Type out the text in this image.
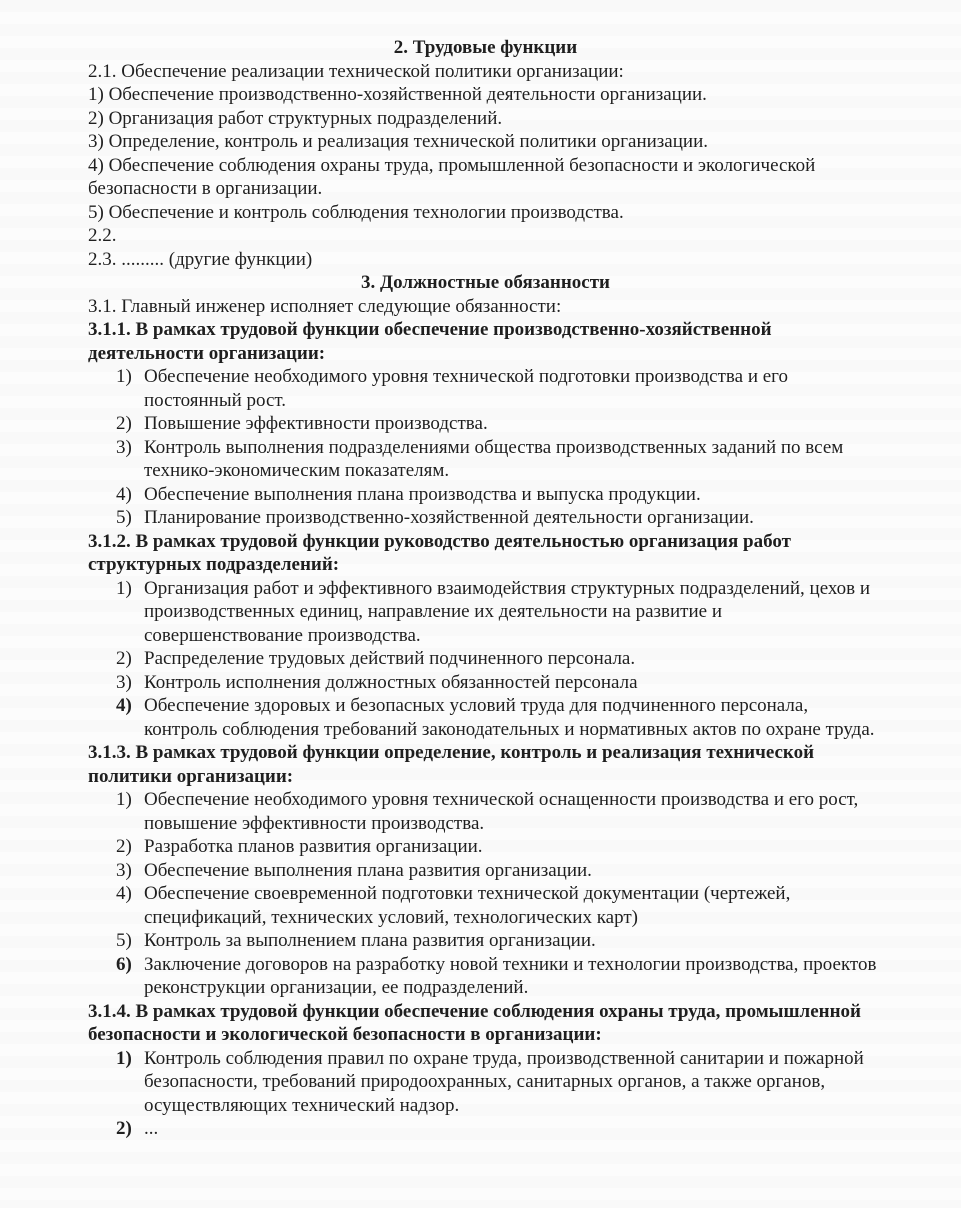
2. Трудовые функции
2.1. Обеспечение реализации технической политики организации:
1) Обеспечение производственно-хозяйственной деятельности организации.
2) Организация работ структурных подразделений.
3) Определение, контроль и реализация технической политики организации.
4) Обеспечение соблюдения охраны труда, промышленной безопасности и экологической безопасности в организации.
5) Обеспечение и контроль соблюдения технологии производства.
2.2.
2.3. ......... (другие функции)
3. Должностные обязанности
3.1. Главный инженер исполняет следующие обязанности:
3.1.1. В рамках трудовой функции обеспечение производственно-хозяйственной деятельности организации:
1) Обеспечение необходимого уровня технической подготовки производства и его постоянный рост.
2) Повышение эффективности производства.
3) Контроль выполнения подразделениями общества производственных заданий по всем технико-экономическим показателям.
4) Обеспечение выполнения плана производства и выпуска продукции.
5) Планирование производственно-хозяйственной деятельности организации.
3.1.2. В рамках трудовой функции руководство деятельностью организация работ структурных подразделений:
1) Организация работ и эффективного взаимодействия структурных подразделений, цехов и производственных единиц, направление их деятельности на развитие и совершенствование производства.
2) Распределение трудовых действий подчиненного персонала.
3) Контроль исполнения должностных обязанностей персонала
4) Обеспечение здоровых и безопасных условий труда для подчиненного персонала, контроль соблюдения требований законодательных и нормативных актов по охране труда.
3.1.3. В рамках трудовой функции определение, контроль и реализация технической политики организации:
1) Обеспечение необходимого уровня технической оснащенности производства и его рост, повышение эффективности производства.
2) Разработка планов развития организации.
3) Обеспечение выполнения плана развития организации.
4) Обеспечение своевременной подготовки технической документации (чертежей, спецификаций, технических условий, технологических карт)
5) Контроль за выполнением плана развития организации.
6) Заключение договоров на разработку новой техники и технологии производства, проектов реконструкции организации, ее подразделений.
3.1.4. В рамках трудовой функции обеспечение соблюдения охраны труда, промышленной безопасности и экологической безопасности в организации:
1) Контроль соблюдения правил по охране труда, производственной санитарии и пожарной безопасности, требований природоохранных, санитарных органов, а также органов, осуществляющих технический надзор.
2) ...
